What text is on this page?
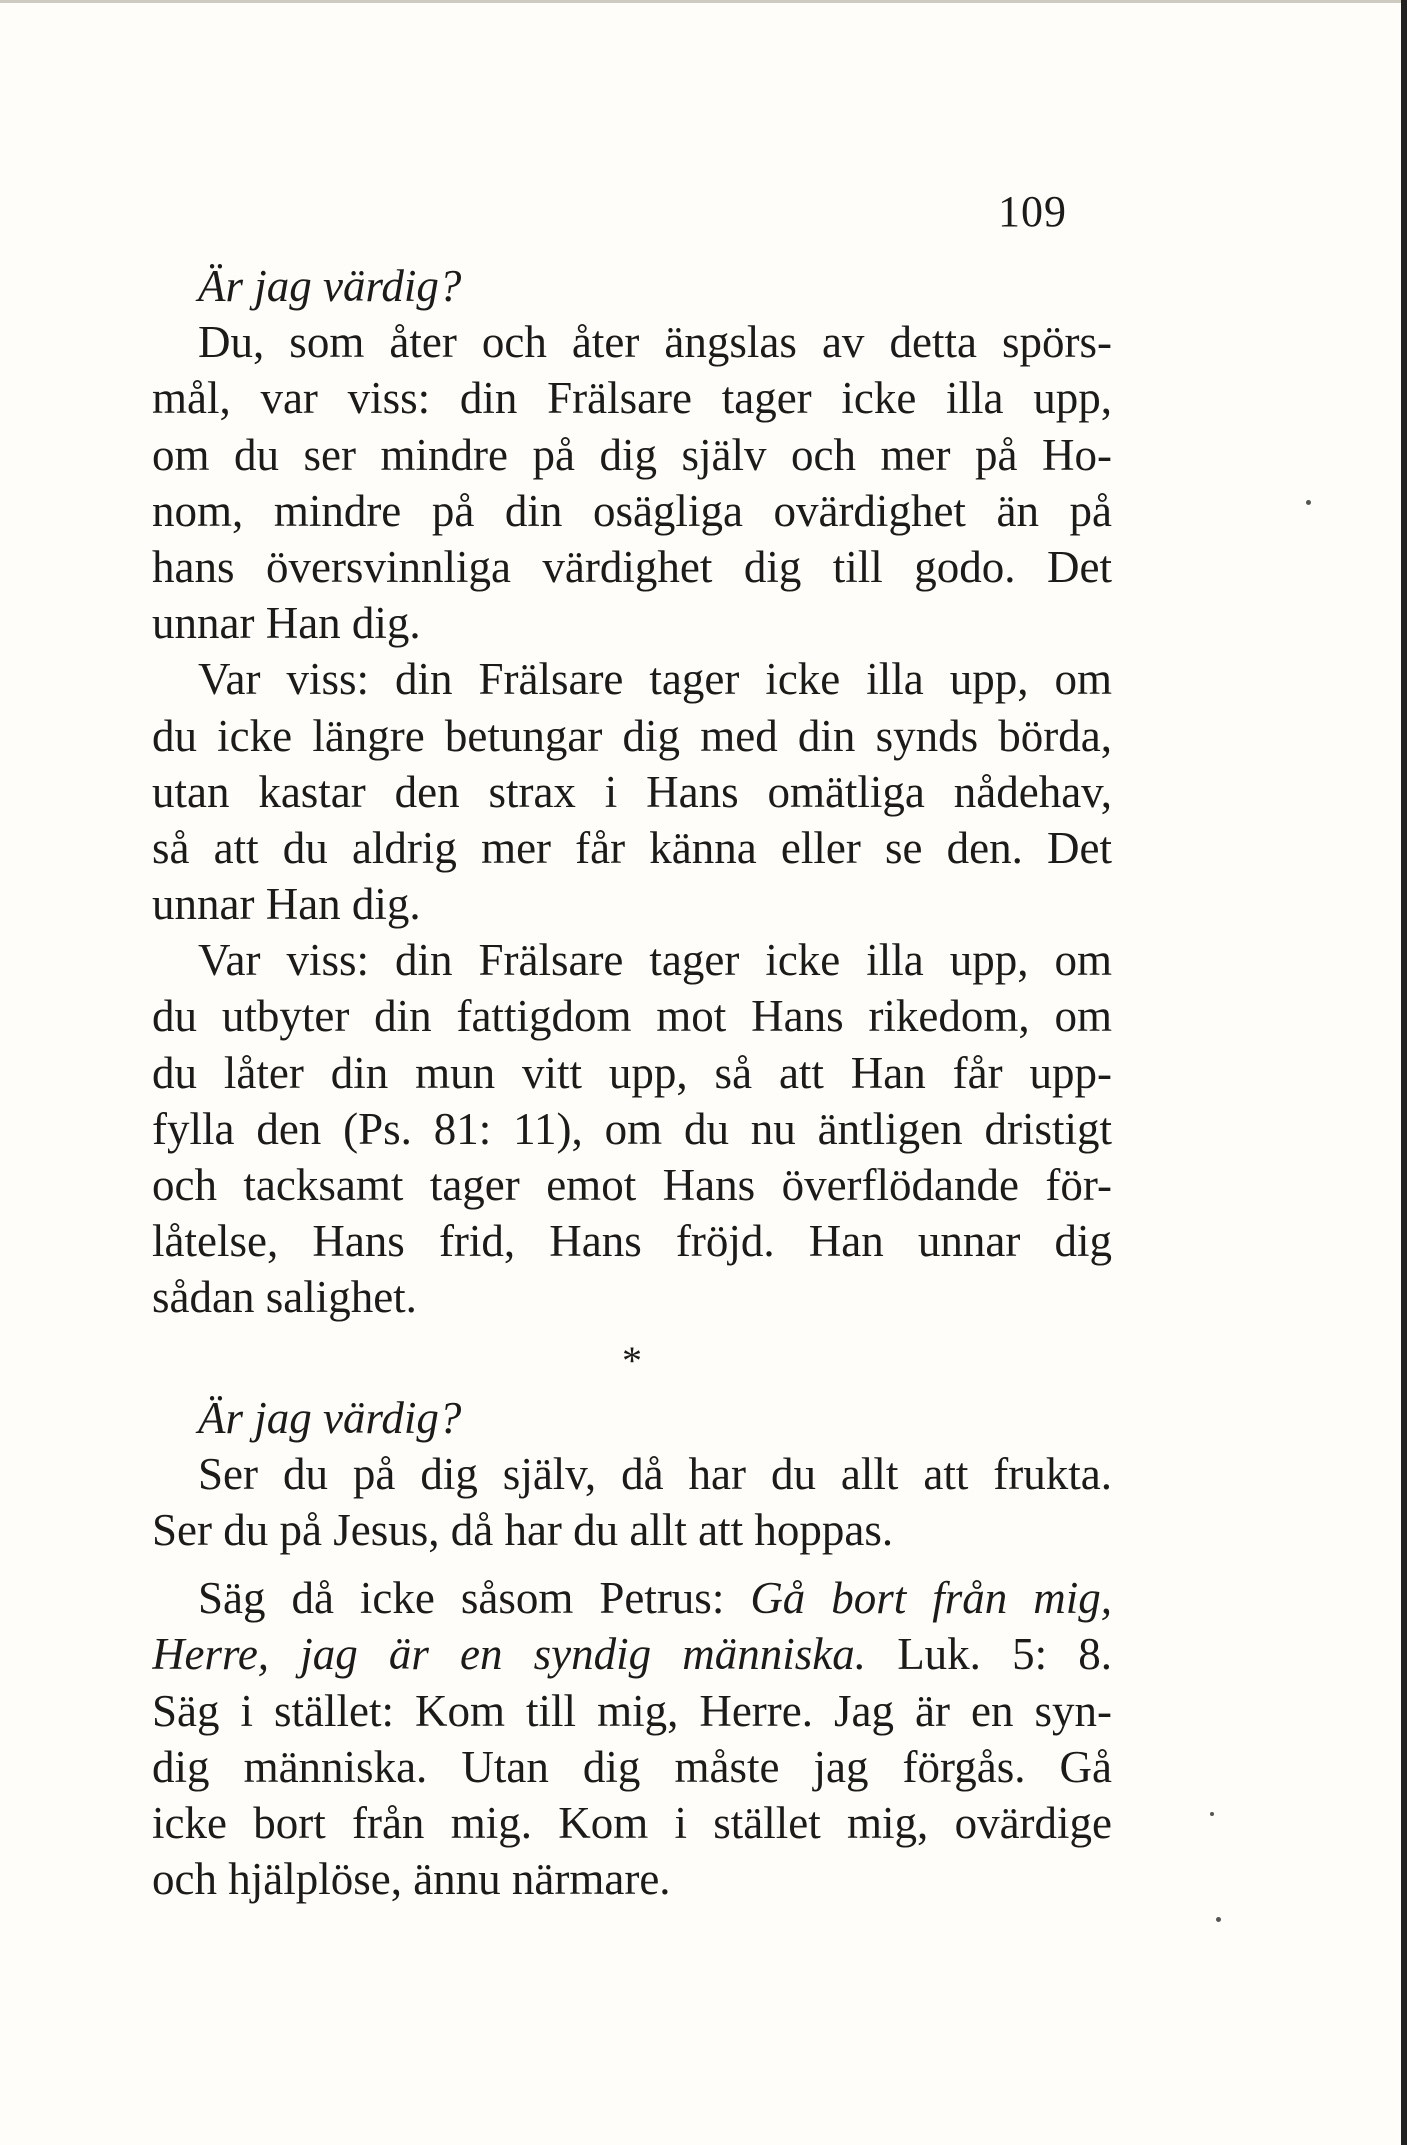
109
Är jag värdig?
Du, som åter och åter ängslas av detta spörs-
mål, var viss: din Frälsare tager icke illa upp,
om du ser mindre på dig själv och mer på Ho-
nom, mindre på din osägliga ovärdighet än på
hans översvinnliga värdighet dig till godo. Det
unnar Han dig.
Var viss: din Frälsare tager icke illa upp, om
du icke längre betungar dig med din synds börda,
utan kastar den strax i Hans omätliga nådehav,
så att du aldrig mer får känna eller se den. Det
unnar Han dig.
Var viss: din Frälsare tager icke illa upp, om
du utbyter din fattigdom mot Hans rikedom, om
du låter din mun vitt upp, så att Han får upp-
fylla den (Ps. 81: 11), om du nu äntligen dristigt
och tacksamt tager emot Hans överflödande för-
låtelse, Hans frid, Hans fröjd. Han unnar dig
sådan salighet.
*
Är jag värdig?
Ser du på dig själv, då har du allt att frukta.
Ser du på Jesus, då har du allt att hoppas.
Säg då icke såsom Petrus: Gå bort från mig,
Herre, jag är en syndig människa. Luk. 5: 8.
Säg i stället: Kom till mig, Herre. Jag är en syn-
dig människa. Utan dig måste jag förgås. Gå
icke bort från mig. Kom i stället mig, ovärdige
och hjälplöse, ännu närmare.
